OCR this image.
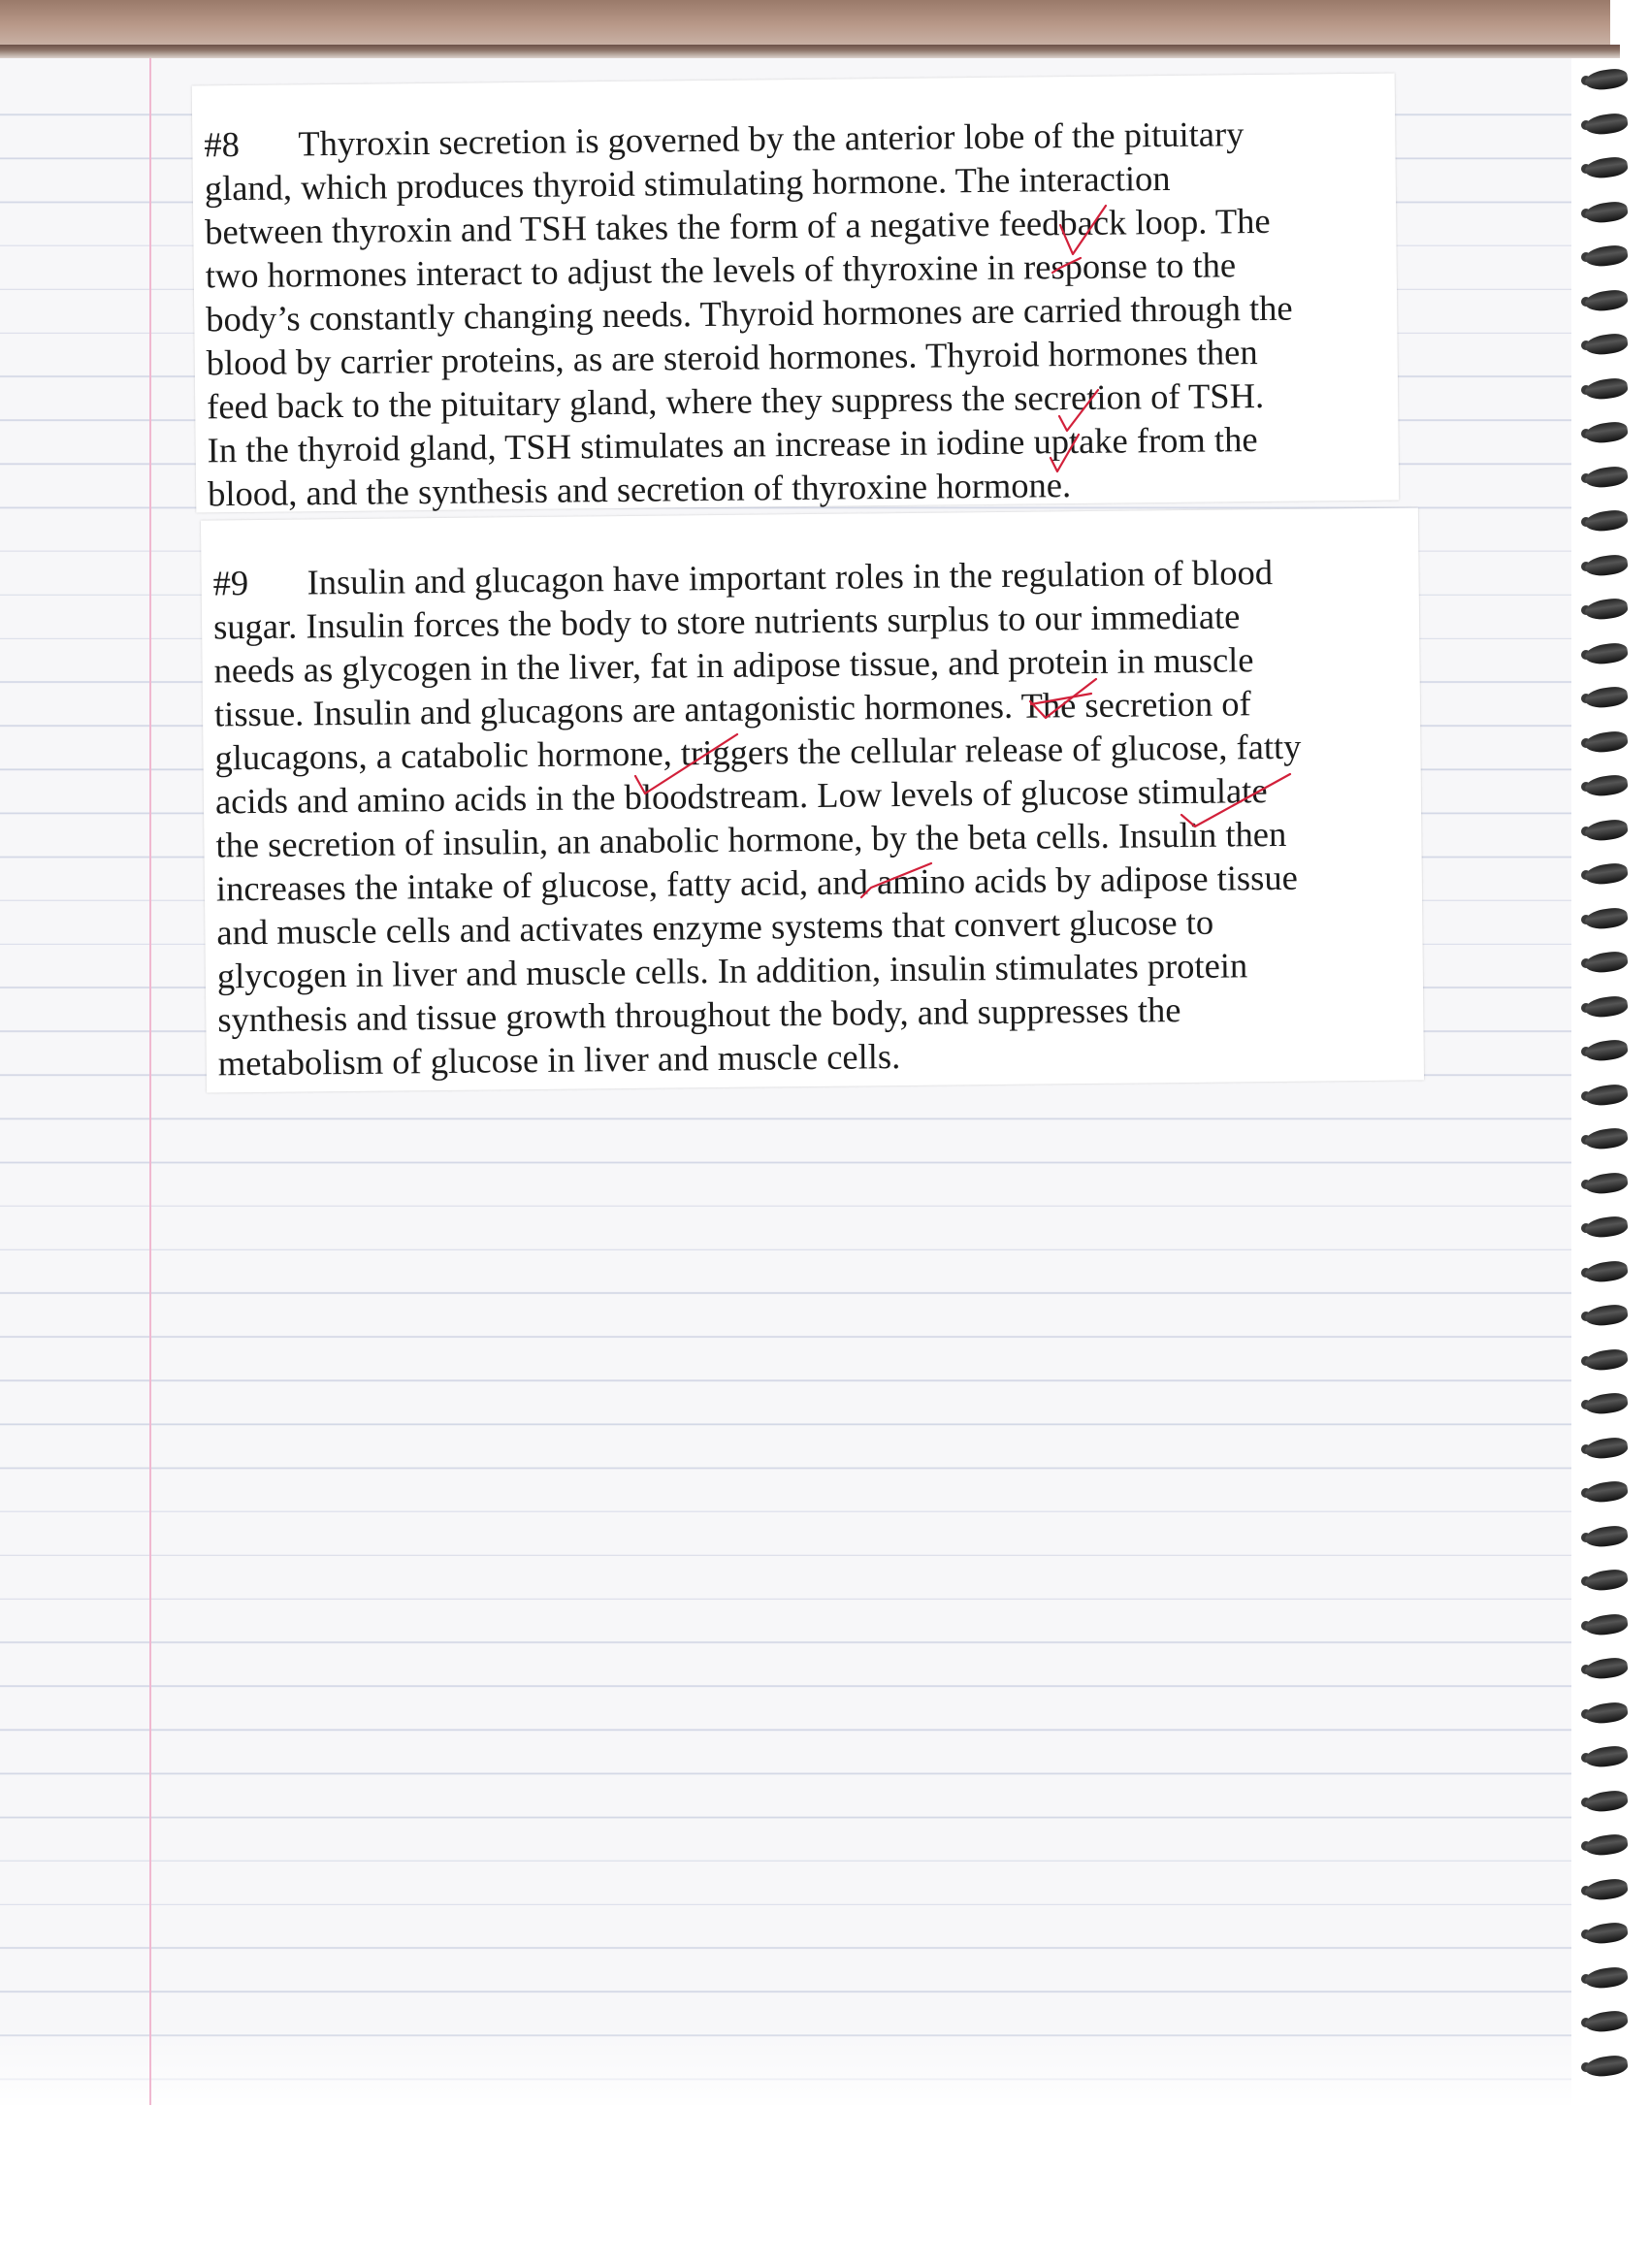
#8 Thyroxin secretion is governed by the anterior lobe of the pituitary
gland, which produces thyroid stimulating hormone. The interaction
between thyroxin and TSH takes the form of a negative feedback loop. The
two hormones interact to adjust the levels of thyroxine in response to the
body’s constantly changing needs. Thyroid hormones are carried through the
blood by carrier proteins, as are steroid hormones. Thyroid hormones then
feed back to the pituitary gland, where they suppress the secretion of TSH.
In the thyroid gland, TSH stimulates an increase in iodine uptake from the
blood, and the synthesis and secretion of thyroxine hormone.
#9 Insulin and glucagon have important roles in the regulation of blood
sugar. Insulin forces the body to store nutrients surplus to our immediate
needs as glycogen in the liver, fat in adipose tissue, and protein in muscle
tissue. Insulin and glucagons are antagonistic hormones. The secretion of
glucagons, a catabolic hormone, triggers the cellular release of glucose, fatty
acids and amino acids in the bloodstream. Low levels of glucose stimulate
the secretion of insulin, an anabolic hormone, by the beta cells. Insulin then
increases the intake of glucose, fatty acid, and amino acids by adipose tissue
and muscle cells and activates enzyme systems that convert glucose to
glycogen in liver and muscle cells. In addition, insulin stimulates protein
synthesis and tissue growth throughout the body, and suppresses the
metabolism of glucose in liver and muscle cells.
